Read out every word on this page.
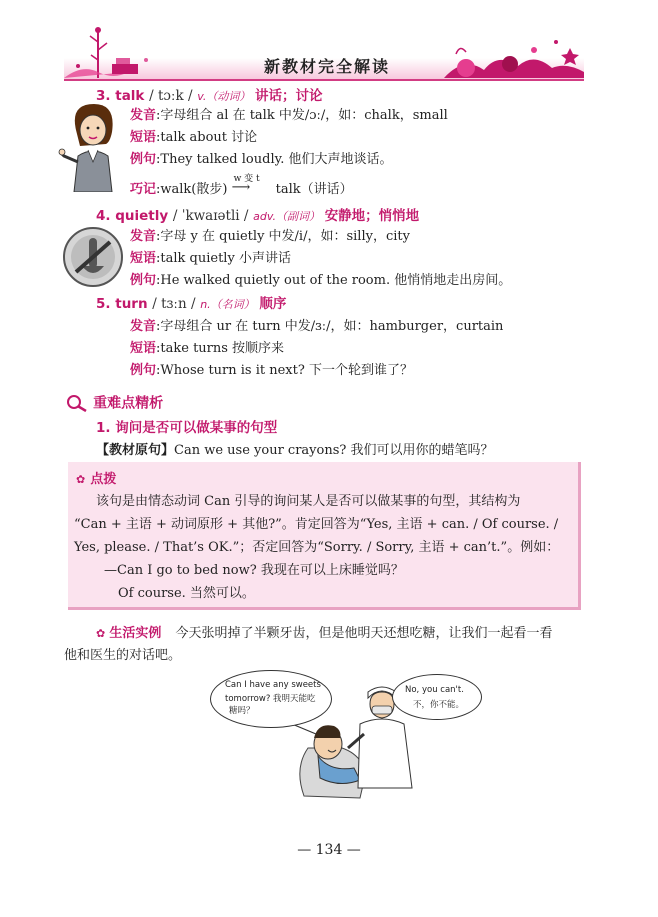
新教材完全解读
3. talk / tɔːk / v.（动词） 讲话；讨论
发音:字母组合 al 在 talk 中发/ɔː/，如：chalk，small
短语:talk about 讨论
例句:They talked loudly. 他们大声地谈话。
巧记:walk(散步)
w 变 t
⟶ talk（讲话）
4. quietly / ˈkwaɪətli / adv.（副词） 安静地；悄悄地
发音:字母 y 在 quietly 中发/i/，如：silly，city
短语:talk quietly 小声讲话
例句:He walked quietly out of the room. 他悄悄地走出房间。
5. turn / tɜːn / n.（名词） 顺序
发音:字母组合 ur 在 turn 中发/ɜː/，如：hamburger，curtain
短语:take turns 按顺序来
例句:Whose turn is it next? 下一个轮到谁了？
重难点精析
1. 询问是否可以做某事的句型
【教材原句】Can we use your crayons? 我们可以用你的蜡笔吗？
✿ 点拨
该句是由情态动词 Can 引导的询问某人是否可以做某事的句型，其结构为
“Can + 主语 + 动词原形 + 其他?”。肯定回答为“Yes, 主语 + can. / Of course. /
Yes, please. / That’s OK.”；否定回答为“Sorry. / Sorry, 主语 + can’t.”。例如：
—Can I go to bed now? 我现在可以上床睡觉吗？
Of course. 当然可以。
✿ 生活实例 今天张明掉了半颗牙齿，但是他明天还想吃糖，让我们一起看一看
他和医生的对话吧。
Can I have any sweets
tomorrow? 我明天能吃
糖吗？
No, you can't.
不，你不能。
— 134 —
